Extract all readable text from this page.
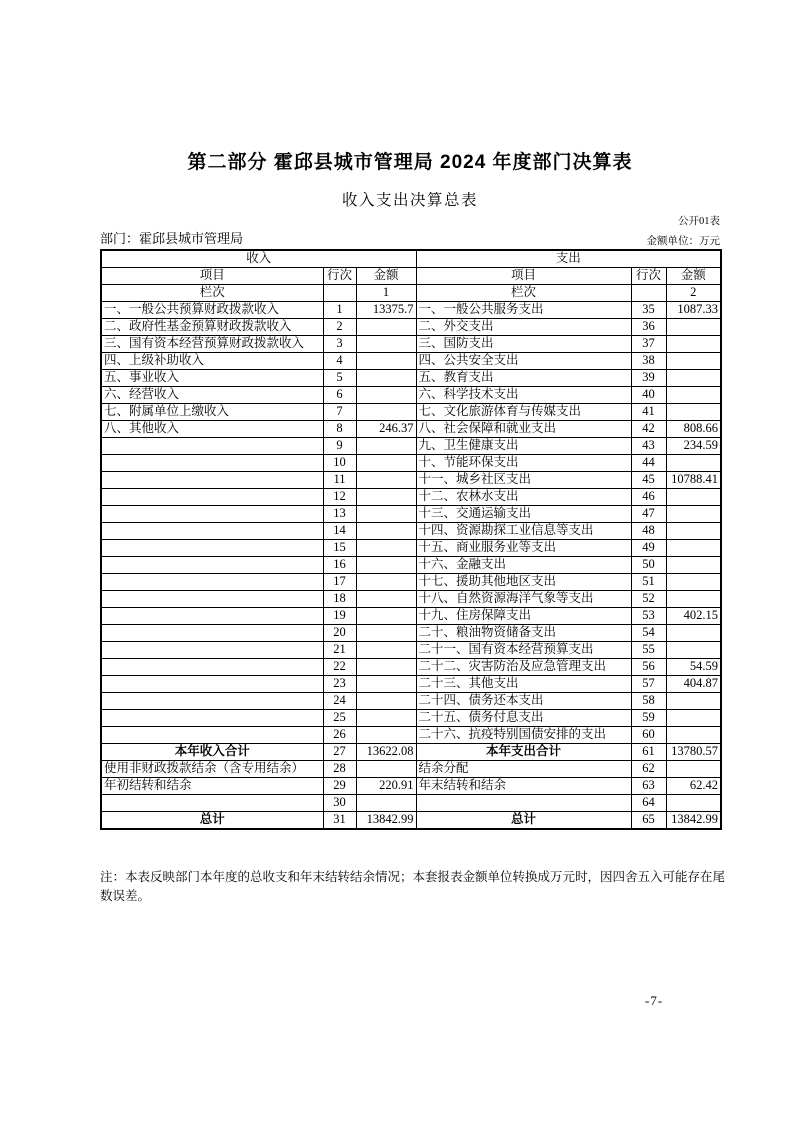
第二部分 霍邱县城市管理局 2024 年度部门决算表
收入支出决算总表
公开01表
部门：霍邱县城市管理局	金额单位：万元
收入			支出		
项目	行次	金额	项目	行次	金额
栏次		1	栏次		2
一、一般公共预算财政拨款收入	1	13375.7	一、一般公共服务支出	35	1087.33
二、政府性基金预算财政拨款收入	2		二、外交支出	36	
三、国有资本经营预算财政拨款收入	3		三、国防支出	37	
四、上级补助收入	4		四、公共安全支出	38	
五、事业收入	5		五、教育支出	39	
六、经营收入	6		六、科学技术支出	40	
七、附属单位上缴收入	7		七、文化旅游体育与传媒支出	41	
八、其他收入	8	246.37	八、社会保障和就业支出	42	808.66
	9		九、卫生健康支出	43	234.59
	10		十、节能环保支出	44	
	11		十一、城乡社区支出	45	10788.41
	12		十二、农林水支出	46	
	13		十三、交通运输支出	47	
	14		十四、资源勘探工业信息等支出	48	
	15		十五、商业服务业等支出	49	
	16		十六、金融支出	50	
	17		十七、援助其他地区支出	51	
	18		十八、自然资源海洋气象等支出	52	
	19		十九、住房保障支出	53	402.15
	20		二十、粮油物资储备支出	54	
	21		二十一、国有资本经营预算支出	55	
	22		二十二、灾害防治及应急管理支出	56	54.59
	23		二十三、其他支出	57	404.87
	24		二十四、债务还本支出	58	
	25		二十五、债务付息支出	59	
	26		二十六、抗疫特别国债安排的支出	60	
本年收入合计	27	13622.08	本年支出合计	61	13780.57
使用非财政拨款结余（含专用结余）	28		结余分配	62	
年初结转和结余	29	220.91	年末结转和结余	63	62.42
	30			64	
总计	31	13842.99	总计	65	13842.99
注：本表反映部门本年度的总收支和年末结转结余情况；本套报表金额单位转换成万元时，因四舍五入可能存在尾数误差。
-7-
